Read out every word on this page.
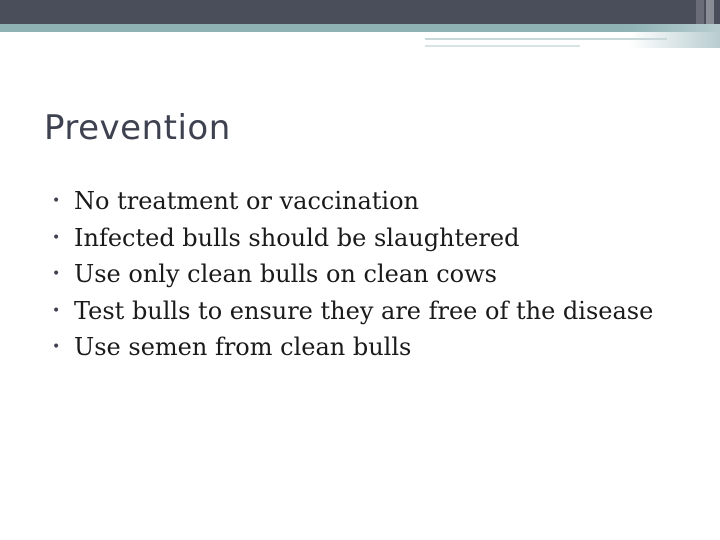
Prevention
• No treatment or vaccination
• Infected bulls should be slaughtered
• Use only clean bulls on clean cows
• Test bulls to ensure they are free of the disease
• Use semen from clean bulls
